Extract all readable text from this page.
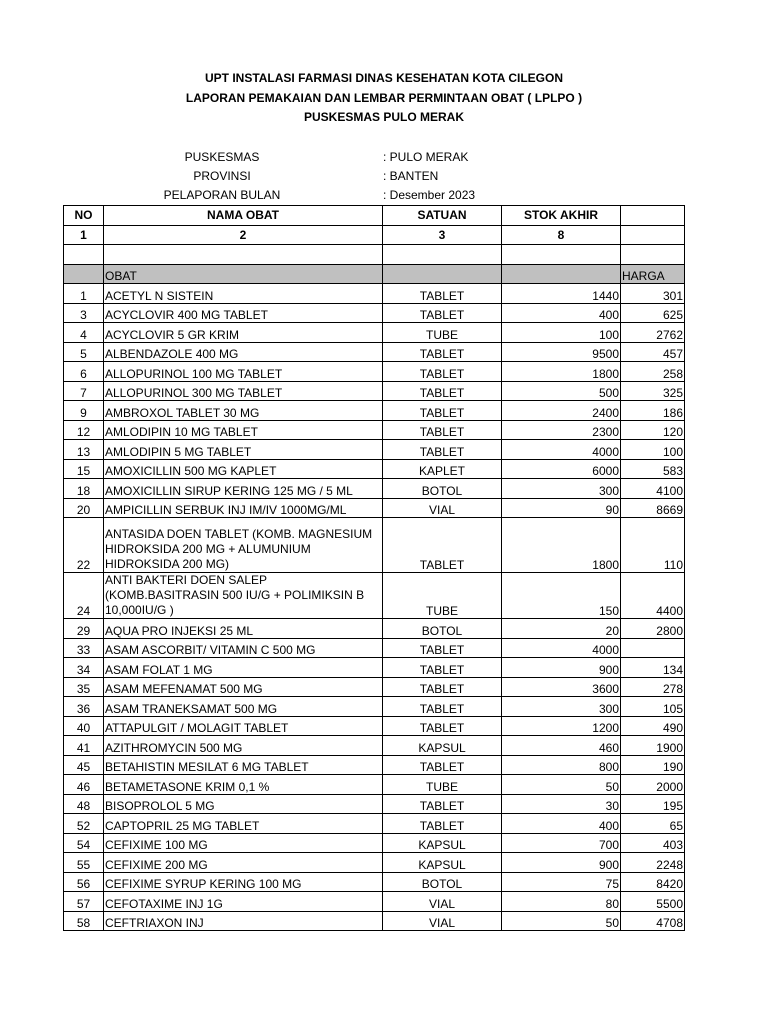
UPT INSTALASI FARMASI DINAS KESEHATAN KOTA CILEGON
LAPORAN PEMAKAIAN DAN LEMBAR PERMINTAAN OBAT ( LPLPO )
PUSKESMAS PULO MERAK
PUSKESMAS	: PULO MERAK
PROVINSI	: BANTEN
PELAPORAN BULAN	: Desember 2023
NO	NAMA OBAT	SATUAN	STOK AKHIR	
1	2	3	8	

	OBAT			HARGA
1	ACETYL N SISTEIN	TABLET	1440	301
3	ACYCLOVIR 400 MG TABLET	TABLET	400	625
4	ACYCLOVIR 5 GR KRIM	TUBE	100	2762
5	ALBENDAZOLE 400 MG	TABLET	9500	457
6	ALLOPURINOL 100 MG TABLET	TABLET	1800	258
7	ALLOPURINOL 300 MG TABLET	TABLET	500	325
9	AMBROXOL TABLET 30 MG	TABLET	2400	186
12	AMLODIPIN 10 MG TABLET	TABLET	2300	120
13	AMLODIPIN 5 MG TABLET	TABLET	4000	100
15	AMOXICILLIN 500 MG KAPLET	KAPLET	6000	583
18	AMOXICILLIN SIRUP KERING 125 MG / 5 ML	BOTOL	300	4100
20	AMPICILLIN SERBUK INJ IM/IV 1000MG/ML	VIAL	90	8669
22	ANTASIDA DOEN TABLET (KOMB. MAGNESIUM HIDROKSIDA 200 MG + ALUMUNIUM HIDROKSIDA 200 MG)	TABLET	1800	110
24	ANTI BAKTERI DOEN SALEP (KOMB.BASITRASIN 500 IU/G + POLIMIKSIN B 10,000IU/G )	TUBE	150	4400
29	AQUA PRO INJEKSI 25 ML	BOTOL	20	2800
33	ASAM ASCORBIT/ VITAMIN C 500 MG	TABLET	4000	
34	ASAM FOLAT 1 MG	TABLET	900	134
35	ASAM MEFENAMAT 500 MG	TABLET	3600	278
36	ASAM TRANEKSAMAT 500 MG	TABLET	300	105
40	ATTAPULGIT / MOLAGIT TABLET	TABLET	1200	490
41	AZITHROMYCIN 500 MG	KAPSUL	460	1900
45	BETAHISTIN MESILAT 6 MG TABLET	TABLET	800	190
46	BETAMETASONE KRIM 0,1 %	TUBE	50	2000
48	BISOPROLOL 5 MG	TABLET	30	195
52	CAPTOPRIL 25 MG TABLET	TABLET	400	65
54	CEFIXIME 100 MG	KAPSUL	700	403
55	CEFIXIME 200 MG	KAPSUL	900	2248
56	CEFIXIME SYRUP KERING 100 MG	BOTOL	75	8420
57	CEFOTAXIME INJ 1G	VIAL	80	5500
58	CEFTRIAXON INJ	VIAL	50	4708
